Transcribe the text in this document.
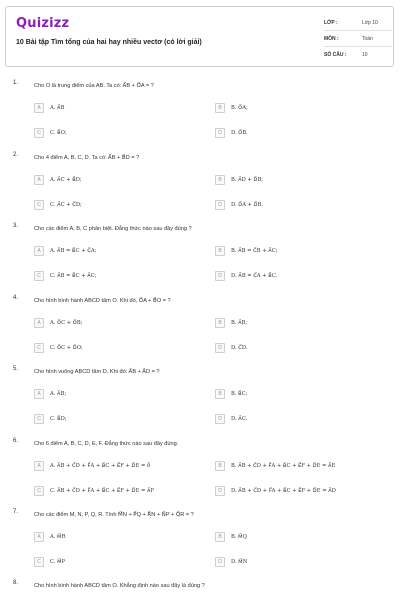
Quizizz
10 Bài tập Tìm tổng của hai hay nhiều vectơ (có lời giải)
LỚP :	Lớp 10
MÔN :	Toán
SỐ CÂU :	10
1.	Cho O là trung điểm của AB. Ta có: A⃗B + O⃗A = ?
A	A. A⃗B	B	B. O⃗A;
C	C. B⃗O;	D	D. O⃗B.
2.	Cho 4 điểm A, B, C, D. Ta có: A⃗B + B⃗D = ?
A	A. A⃗C + B⃗D;	B	B. A⃗D + D⃗B;
C	C. A⃗C + C⃗D;	D	D. D⃗A + D⃗B.
3.	Cho các điểm A, B, C phân biệt. Đẳng thức nào sau đây đúng ?
A	A. A⃗B = B⃗C + C⃗A;	B	B. A⃗B = C⃗B + A⃗C;
C	C. A⃗B = B⃗C + A⃗C;	D	D. A⃗B = C⃗A + B⃗C.
4.	Cho hình bình hành ABCD tâm O. Khi đó, O⃗A + B⃗O = ?
A	A. O⃗C + O⃗B;	B	B. A⃗B;
C	C. O⃗C + D⃗O;	D	D. C⃗D.
5.	Cho hình vuông ABCD tâm D. Khi đó: A⃗B + A⃗D = ?
A	A. A⃗B;	B	B. B⃗C;
C	C. B⃗D;	D	D. A⃗C.
6.	Cho 6 điểm A, B, C, D, E, F. Đẳng thức nào sau đây đúng.
A	A. A⃗B + C⃗D + F⃗A + B⃗C + E⃗F + D⃗E = 0⃗	B	B. A⃗B + C⃗D + F⃗A + B⃗C + E⃗F + D⃗E = A⃗E
C	C. A⃗B + C⃗D + F⃗A + B⃗C + E⃗F + D⃗E = A⃗F	D	D. A⃗B + C⃗D + F⃗A + B⃗C + E⃗F + D⃗E = A⃗D
7.	Cho các điểm M, N, P, Q, R. Tính M⃗N + P⃗Q + R⃗N + N⃗P + Q⃗R = ?
A	A. M⃗R	B	B. M⃗Q
C	C. M⃗P	D	D. M⃗N
8.	Cho hình bình hành ABCD tâm O. Khẳng định nào sau đây là đúng ?
